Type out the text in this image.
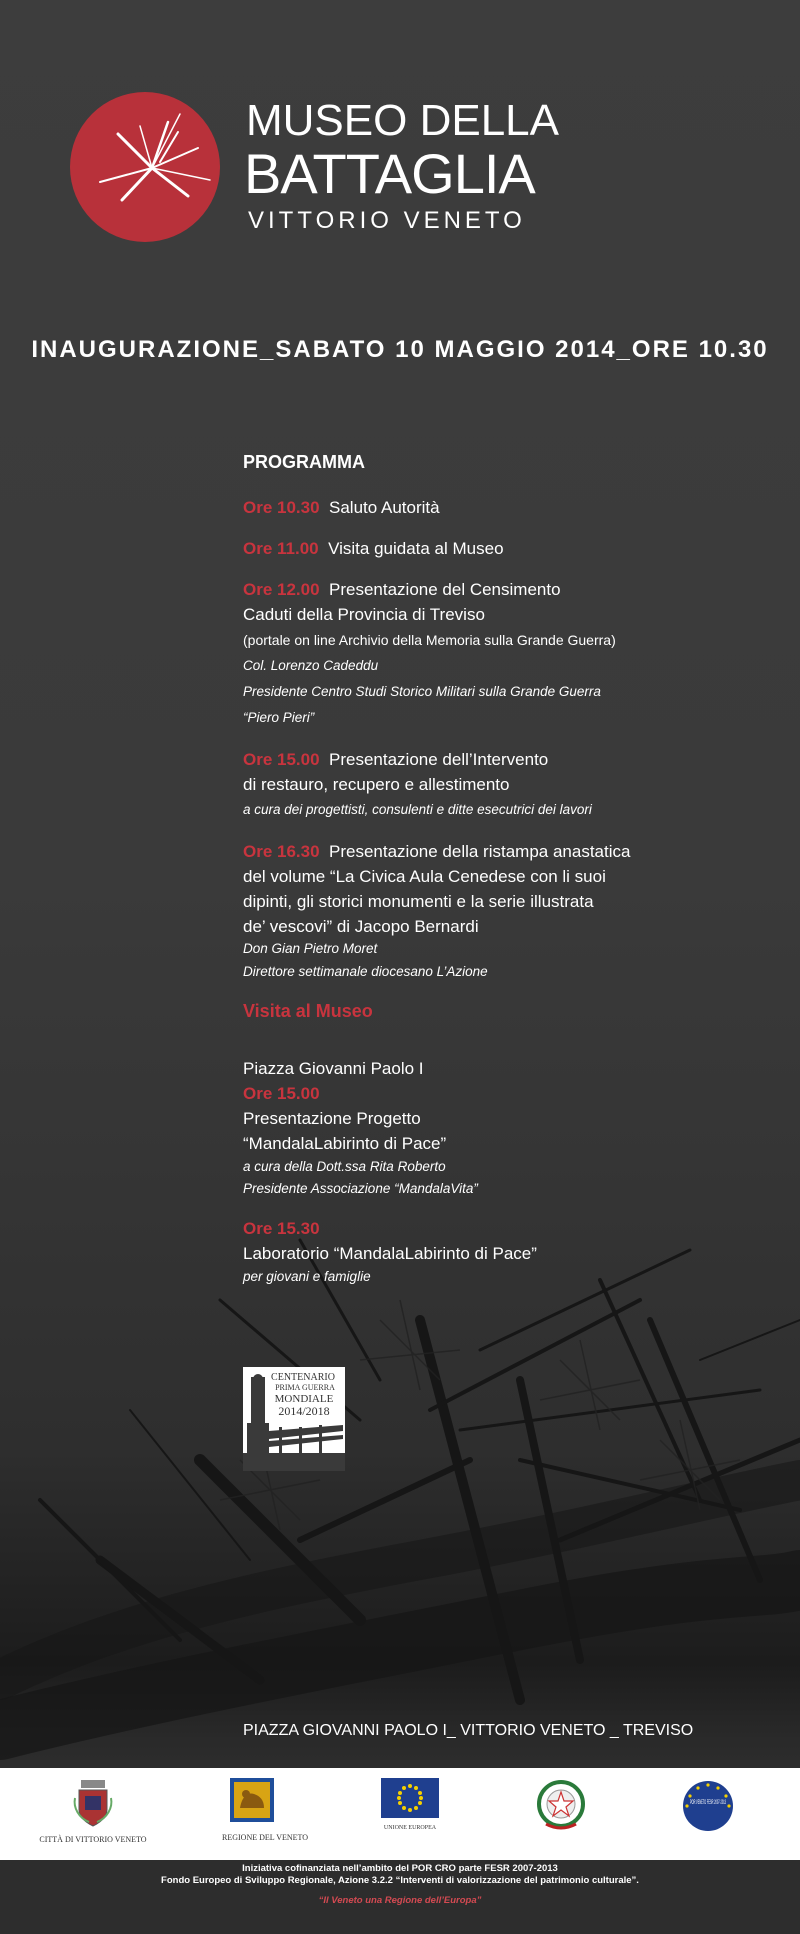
MUSEO DELLA
BATTAGLIA
VITTORIO VENETO
INAUGURAZIONE_SABATO 10 MAGGIO 2014_ORE 10.30
PROGRAMMA
Ore 10.30 Saluto Autorità
Ore 11.00 Visita guidata al Museo
Ore 12.00 Presentazione del Censimento
Caduti della Provincia di Treviso
(portale on line Archivio della Memoria sulla Grande Guerra)
Col. Lorenzo Cadeddu
Presidente Centro Studi Storico Militari sulla Grande Guerra
“Piero Pieri”
Ore 15.00 Presentazione dell’Intervento
di restauro, recupero e allestimento
a cura dei progettisti, consulenti e ditte esecutrici dei lavori
Ore 16.30 Presentazione della ristampa anastatica
del volume “La Civica Aula Cenedese con li suoi
dipinti, gli storici monumenti e la serie illustrata
de’ vescovi” di Jacopo Bernardi
Don Gian Pietro Moret
Direttore settimanale diocesano L’Azione
Visita al Museo
Piazza Giovanni Paolo I
Ore 15.00
Presentazione Progetto
“MandalaLabirinto di Pace”
a cura della Dott.ssa Rita Roberto
Presidente Associazione “MandalaVita”
Ore 15.30
Laboratorio “MandalaLabirinto di Pace”
per giovani e famiglie
CENTENARIO
PRIMA GUERRA
MONDIALE
2014/2018
PIAZZA GIOVANNI PAOLO I_ VITTORIO VENETO _ TREVISO
CITTÀ DI VITTORIO VENETO	REGIONE DEL VENETO
UNIONE EUROPEA
POR VENETO FESR 2007-2013
Iniziativa cofinanziata nell’ambito del POR CRO parte FESR 2007-2013
Fondo Europeo di Sviluppo Regionale, Azione 3.2.2 “Interventi di valorizzazione del patrimonio culturale”.
“Il Veneto una Regione dell’Europa”
